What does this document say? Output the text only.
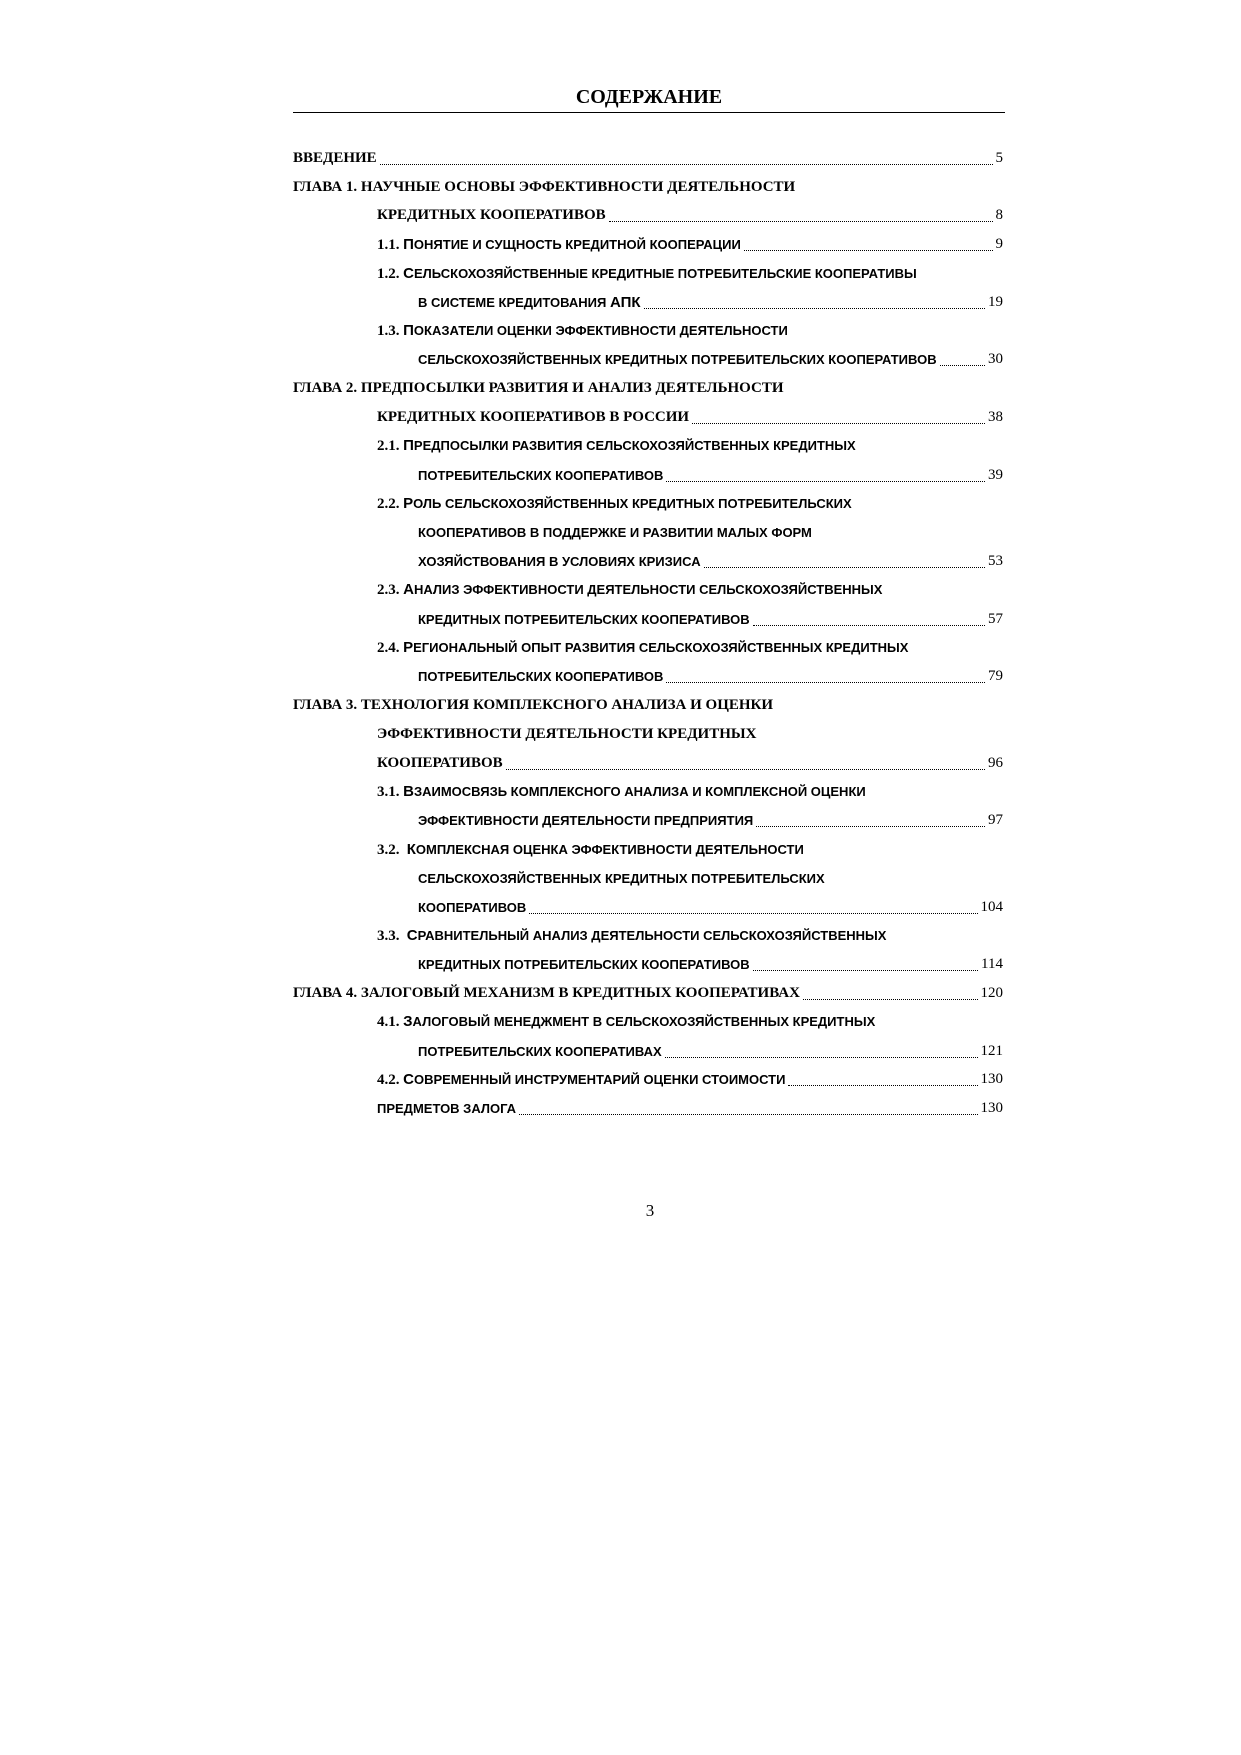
СОДЕРЖАНИЕ
ВВЕДЕНИЕ	5
ГЛАВА 1. НАУЧНЫЕ ОСНОВЫ ЭФФЕКТИВНОСТИ ДЕЯТЕЛЬНОСТИ
КРЕДИТНЫХ КООПЕРАТИВОВ	8
1.1. ПОНЯТИЕ И СУЩНОСТЬ КРЕДИТНОЙ КООПЕРАЦИИ	9
1.2. СЕЛЬСКОХОЗЯЙСТВЕННЫЕ КРЕДИТНЫЕ ПОТРЕБИТЕЛЬСКИЕ КООПЕРАТИВЫ
В СИСТЕМЕ КРЕДИТОВАНИЯ АПК	19
1.3. ПОКАЗАТЕЛИ ОЦЕНКИ ЭФФЕКТИВНОСТИ ДЕЯТЕЛЬНОСТИ
СЕЛЬСКОХОЗЯЙСТВЕННЫХ КРЕДИТНЫХ ПОТРЕБИТЕЛЬСКИХ КООПЕРАТИВОВ	30
ГЛАВА 2. ПРЕДПОСЫЛКИ РАЗВИТИЯ И АНАЛИЗ ДЕЯТЕЛЬНОСТИ
КРЕДИТНЫХ КООПЕРАТИВОВ В РОССИИ	38
2.1. ПРЕДПОСЫЛКИ РАЗВИТИЯ СЕЛЬСКОХОЗЯЙСТВЕННЫХ КРЕДИТНЫХ
ПОТРЕБИТЕЛЬСКИХ КООПЕРАТИВОВ	39
2.2. РОЛЬ СЕЛЬСКОХОЗЯЙСТВЕННЫХ КРЕДИТНЫХ ПОТРЕБИТЕЛЬСКИХ
КООПЕРАТИВОВ В ПОДДЕРЖКЕ И РАЗВИТИИ МАЛЫХ ФОРМ
ХОЗЯЙСТВОВАНИЯ В УСЛОВИЯХ КРИЗИСА	53
2.3. АНАЛИЗ ЭФФЕКТИВНОСТИ ДЕЯТЕЛЬНОСТИ СЕЛЬСКОХОЗЯЙСТВЕННЫХ
КРЕДИТНЫХ ПОТРЕБИТЕЛЬСКИХ КООПЕРАТИВОВ	57
2.4. РЕГИОНАЛЬНЫЙ ОПЫТ РАЗВИТИЯ СЕЛЬСКОХОЗЯЙСТВЕННЫХ КРЕДИТНЫХ
ПОТРЕБИТЕЛЬСКИХ КООПЕРАТИВОВ	79
ГЛАВА 3. ТЕХНОЛОГИЯ КОМПЛЕКСНОГО АНАЛИЗА И ОЦЕНКИ
ЭФФЕКТИВНОСТИ ДЕЯТЕЛЬНОСТИ КРЕДИТНЫХ
КООПЕРАТИВОВ	96
3.1. ВЗАИМОСВЯЗЬ КОМПЛЕКСНОГО АНАЛИЗА И КОМПЛЕКСНОЙ ОЦЕНКИ
ЭФФЕКТИВНОСТИ ДЕЯТЕЛЬНОСТИ ПРЕДПРИЯТИЯ	97
3.2. КОМПЛЕКСНАЯ ОЦЕНКА ЭФФЕКТИВНОСТИ ДЕЯТЕЛЬНОСТИ
СЕЛЬСКОХОЗЯЙСТВЕННЫХ КРЕДИТНЫХ ПОТРЕБИТЕЛЬСКИХ
КООПЕРАТИВОВ	104
3.3. СРАВНИТЕЛЬНЫЙ АНАЛИЗ ДЕЯТЕЛЬНОСТИ СЕЛЬСКОХОЗЯЙСТВЕННЫХ
КРЕДИТНЫХ ПОТРЕБИТЕЛЬСКИХ КООПЕРАТИВОВ	114
ГЛАВА 4. ЗАЛОГОВЫЙ МЕХАНИЗМ В КРЕДИТНЫХ КООПЕРАТИВАХ	120
4.1. ЗАЛОГОВЫЙ МЕНЕДЖМЕНТ В СЕЛЬСКОХОЗЯЙСТВЕННЫХ КРЕДИТНЫХ
ПОТРЕБИТЕЛЬСКИХ КООПЕРАТИВАХ	121
4.2. СОВРЕМЕННЫЙ ИНСТРУМЕНТАРИЙ ОЦЕНКИ СТОИМОСТИ	130
ПРЕДМЕТОВ ЗАЛОГА	130
3
